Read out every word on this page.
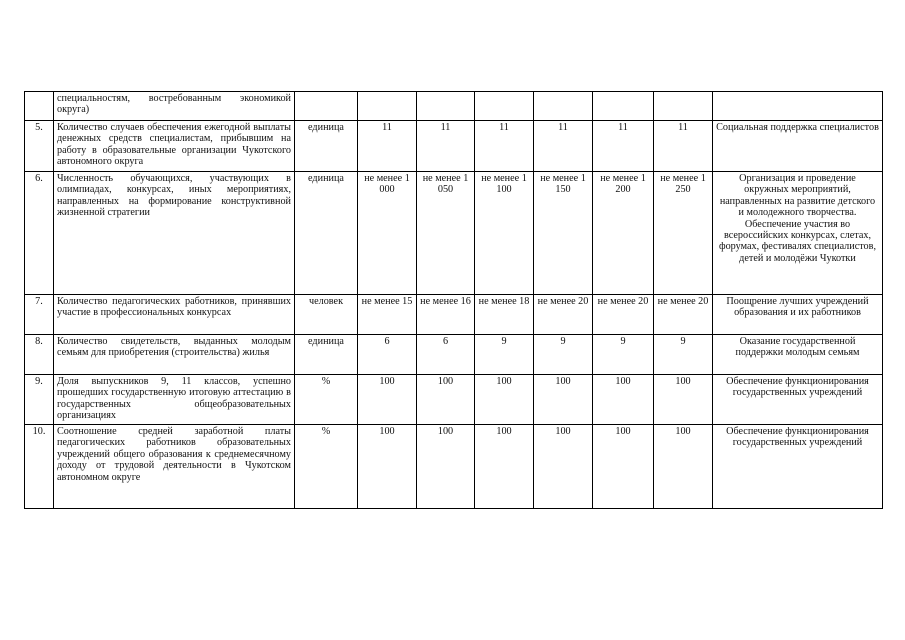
	специальностям, востребованным экономикой округа)								
5.	Количество случаев обеспечения ежегодной выплаты денежных средств специалистам, прибывшим на работу в образовательные организации Чукотского автономного округа	единица	11	11	11	11	11	11	Социальная поддержка специалистов
6.	Численность обучающихся, участвующих в олимпиадах, конкурсах, иных мероприятиях, направленных на формирование конструктивной жизненной стратегии	единица	не менее 1 000	не менее 1 050	не менее 1 100	не менее 1 150	не менее 1 200	не менее 1 250	Организация и проведение окружных мероприятий, направленных на развитие детского и молодежного творчества. Обеспечение участия во всероссийских конкурсах, слетах, форумах, фестивалях специалистов, детей и молодёжи Чукотки
7.	Количество педагогических работников, принявших участие в профессиональных конкурсах	человек	не менее 15	не менее 16	не менее 18	не менее 20	не менее 20	не менее 20	Поощрение лучших учреждений образования и их работников
8.	Количество свидетельств, выданных молодым семьям для приобретения (строительства) жилья	единица	6	6	9	9	9	9	Оказание государственной поддержки молодым семьям
9.	Доля выпускников 9, 11 классов, успешно прошедших государственную итоговую аттестацию в государственных общеобразовательных организациях	%	100	100	100	100	100	100	Обеспечение функционирования государственных учреждений
10.	Соотношение средней заработной платы педагогических работников образовательных учреждений общего образования к среднемесячному доходу от трудовой деятельности в Чукотском автономном округе	%	100	100	100	100	100	100	Обеспечение функционирования государственных учреждений
